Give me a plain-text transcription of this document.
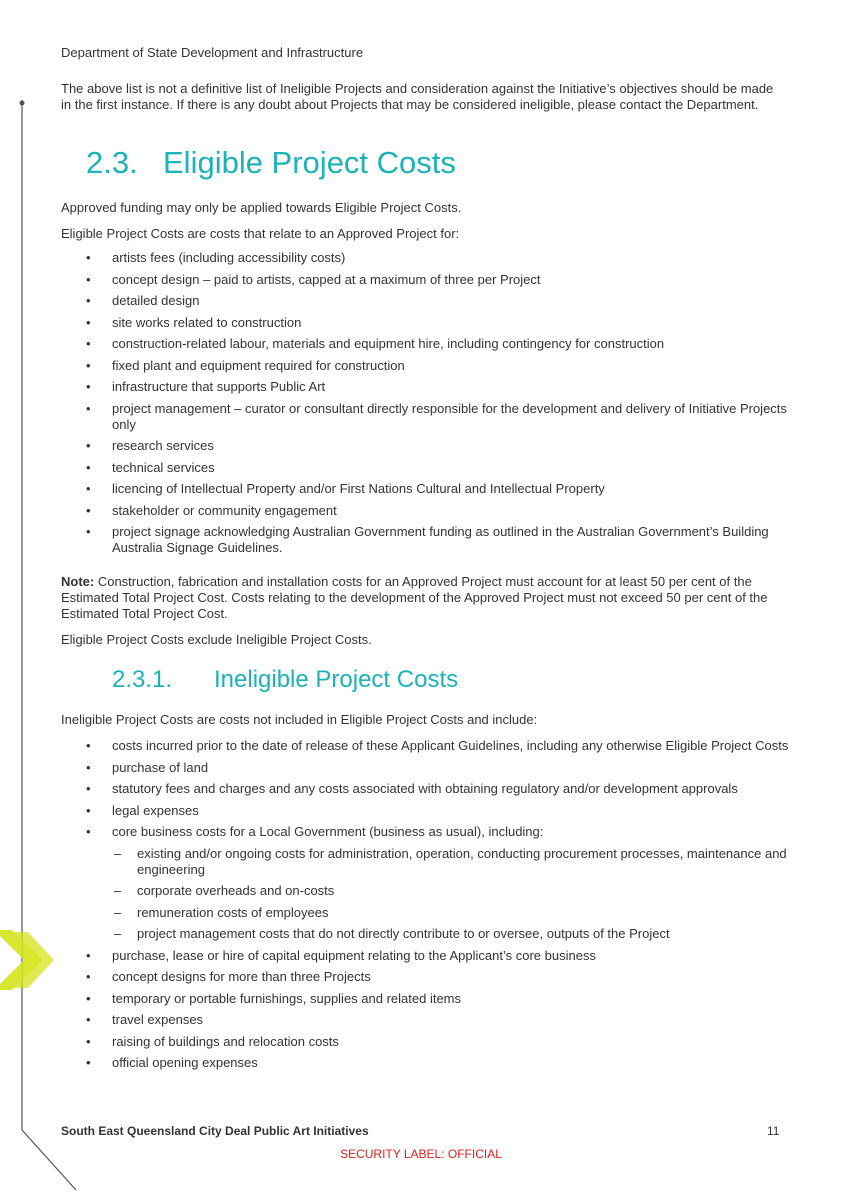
Department of State Development and Infrastructure
The above list is not a definitive list of Ineligible Projects and consideration against the Initiative’s objectives should be made in the first instance. If there is any doubt about Projects that may be considered ineligible, please contact the Department.
2.3. Eligible Project Costs
Approved funding may only be applied towards Eligible Project Costs.
Eligible Project Costs are costs that relate to an Approved Project for:
• artists fees (including accessibility costs)
• concept design – paid to artists, capped at a maximum of three per Project
• detailed design
• site works related to construction
• construction-related labour, materials and equipment hire, including contingency for construction
• fixed plant and equipment required for construction
• infrastructure that supports Public Art
• project management – curator or consultant directly responsible for the development and delivery of Initiative Projects only
• research services
• technical services
• licencing of Intellectual Property and/or First Nations Cultural and Intellectual Property
• stakeholder or community engagement
• project signage acknowledging Australian Government funding as outlined in the Australian Government’s Building Australia Signage Guidelines.
Note: Construction, fabrication and installation costs for an Approved Project must account for at least 50 per cent of the Estimated Total Project Cost. Costs relating to the development of the Approved Project must not exceed 50 per cent of the Estimated Total Project Cost.
Eligible Project Costs exclude Ineligible Project Costs.
2.3.1. Ineligible Project Costs
Ineligible Project Costs are costs not included in Eligible Project Costs and include:
• costs incurred prior to the date of release of these Applicant Guidelines, including any otherwise Eligible Project Costs
• purchase of land
• statutory fees and charges and any costs associated with obtaining regulatory and/or development approvals
• legal expenses
• core business costs for a Local Government (business as usual), including:
– existing and/or ongoing costs for administration, operation, conducting procurement processes, maintenance and engineering
– corporate overheads and on-costs
– remuneration costs of employees
– project management costs that do not directly contribute to or oversee, outputs of the Project
• purchase, lease or hire of capital equipment relating to the Applicant’s core business
• concept designs for more than three Projects
• temporary or portable furnishings, supplies and related items
• travel expenses
• raising of buildings and relocation costs
• official opening expenses
South East Queensland City Deal Public Art Initiatives	11
SECURITY LABEL: OFFICIAL
